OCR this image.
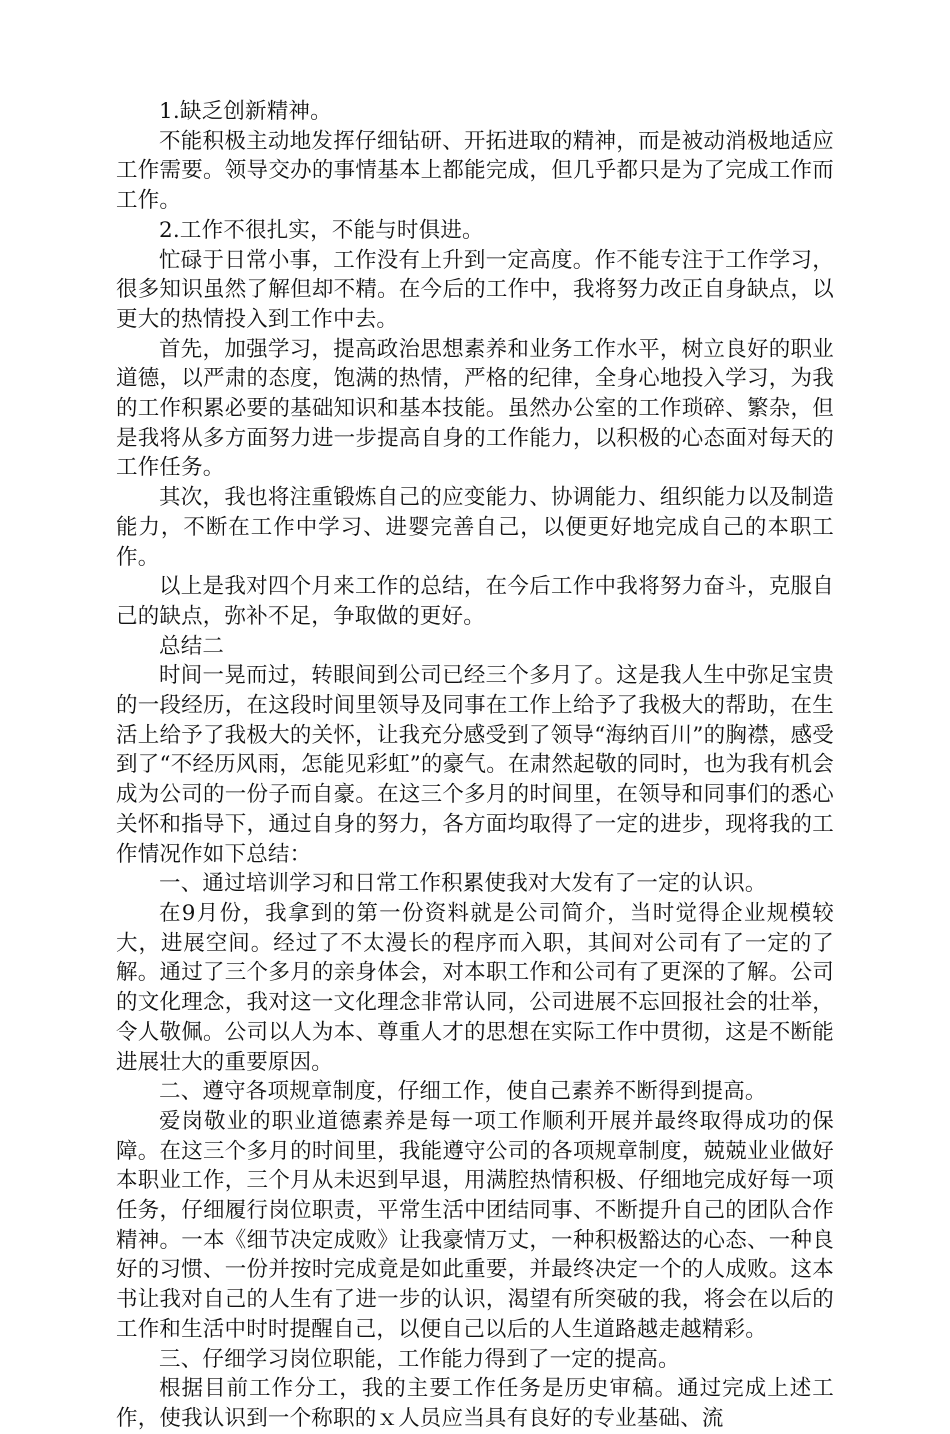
1.缺乏创新精神。

不能积极主动地发挥仔细钻研、开拓进取的精神，而是被动消极地适应工作需要。领导交办的事情基本上都能完成，但几乎都只是为了完成工作而工作。

2.工作不很扎实，不能与时俱进。

忙碌于日常小事，工作没有上升到一定高度。作不能专注于工作学习，很多知识虽然了解但却不精。在今后的工作中，我将努力改正自身缺点，以更大的热情投入到工作中去。

首先，加强学习，提高政治思想素养和业务工作水平，树立良好的职业道德，以严肃的态度，饱满的热情，严格的纪律，全身心地投入学习，为我的工作积累必要的基础知识和基本技能。虽然办公室的工作琐碎、繁杂，但是我将从多方面努力进一步提高自身的工作能力，以积极的心态面对每天的工作任务。

其次，我也将注重锻炼自己的应变能力、协调能力、组织能力以及制造能力，不断在工作中学习、进婴完善自己，以便更好地完成自己的本职工作。

以上是我对四个月来工作的总结，在今后工作中我将努力奋斗，克服自己的缺点，弥补不足，争取做的更好。

总结二

时间一晃而过，转眼间到公司已经三个多月了。这是我人生中弥足宝贵的一段经历，在这段时间里领导及同事在工作上给予了我极大的帮助，在生活上给予了我极大的关怀，让我充分感受到了领导“海纳百川”的胸襟，感受到了“不经历风雨，怎能见彩虹”的豪气。在肃然起敬的同时，也为我有机会成为公司的一份子而自豪。在这三个多月的时间里，在领导和同事们的悉心关怀和指导下，通过自身的努力，各方面均取得了一定的进步，现将我的工作情况作如下总结：

一、通过培训学习和日常工作积累使我对大发有了一定的认识。

在9月份，我拿到的第一份资料就是公司简介，当时觉得企业规模较大，进展空间。经过了不太漫长的程序而入职，其间对公司有了一定的了解。通过了三个多月的亲身体会，对本职工作和公司有了更深的了解。公司的文化理念，我对这一文化理念非常认同，公司进展不忘回报社会的壮举，令人敬佩。公司以人为本、尊重人才的思想在实际工作中贯彻，这是不断能进展壮大的重要原因。

二、遵守各项规章制度，仔细工作，使自己素养不断得到提高。

爱岗敬业的职业道德素养是每一项工作顺利开展并最终取得成功的保障。在这三个多月的时间里，我能遵守公司的各项规章制度，兢兢业业做好本职业工作，三个月从未迟到早退，用满腔热情积极、仔细地完成好每一项任务，仔细履行岗位职责，平常生活中团结同事、不断提升自己的团队合作精神。一本《细节决定成败》让我豪情万丈，一种积极豁达的心态、一种良好的习惯、一份并按时完成竟是如此重要，并最终决定一个的人成败。这本书让我对自己的人生有了进一步的认识，渴望有所突破的我，将会在以后的工作和生活中时时提醒自己，以便自己以后的人生道路越走越精彩。

三、仔细学习岗位职能，工作能力得到了一定的提高。

根据目前工作分工，我的主要工作任务是历史审稿。通过完成上述工作，使我认识到一个称职的ｘ人员应当具有良好的专业基础、流
